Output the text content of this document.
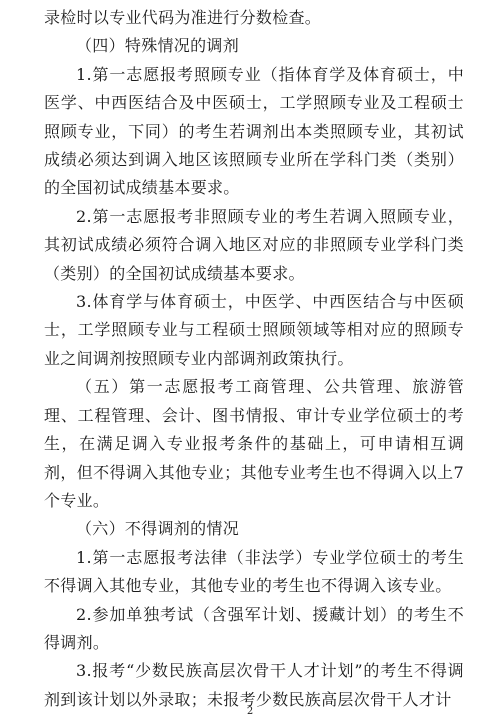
录检时以专业代码为准进行分数检查。

（四）特殊情况的调剂

1.第一志愿报考照顾专业（指体育学及体育硕士，中医学、中西医结合及中医硕士，工学照顾专业及工程硕士照顾专业，下同）的考生若调剂出本类照顾专业，其初试成绩必须达到调入地区该照顾专业所在学科门类（类别）的全国初试成绩基本要求。

2.第一志愿报考非照顾专业的考生若调入照顾专业，其初试成绩必须符合调入地区对应的非照顾专业学科门类（类别）的全国初试成绩基本要求。

3.体育学与体育硕士，中医学、中西医结合与中医硕士，工学照顾专业与工程硕士照顾领域等相对应的照顾专业之间调剂按照顾专业内部调剂政策执行。

（五）第一志愿报考工商管理、公共管理、旅游管理、工程管理、会计、图书情报、审计专业学位硕士的考生，在满足调入专业报考条件的基础上，可申请相互调剂，但不得调入其他专业；其他专业考生也不得调入以上7个专业。

（六）不得调剂的情况

1.第一志愿报考法律（非法学）专业学位硕士的考生不得调入其他专业，其他专业的考生也不得调入该专业。

2.参加单独考试（含强军计划、援藏计划）的考生不得调剂。

3.报考“少数民族高层次骨干人才计划”的考生不得调剂到该计划以外录取；未报考少数民族高层次骨干人才计

2
